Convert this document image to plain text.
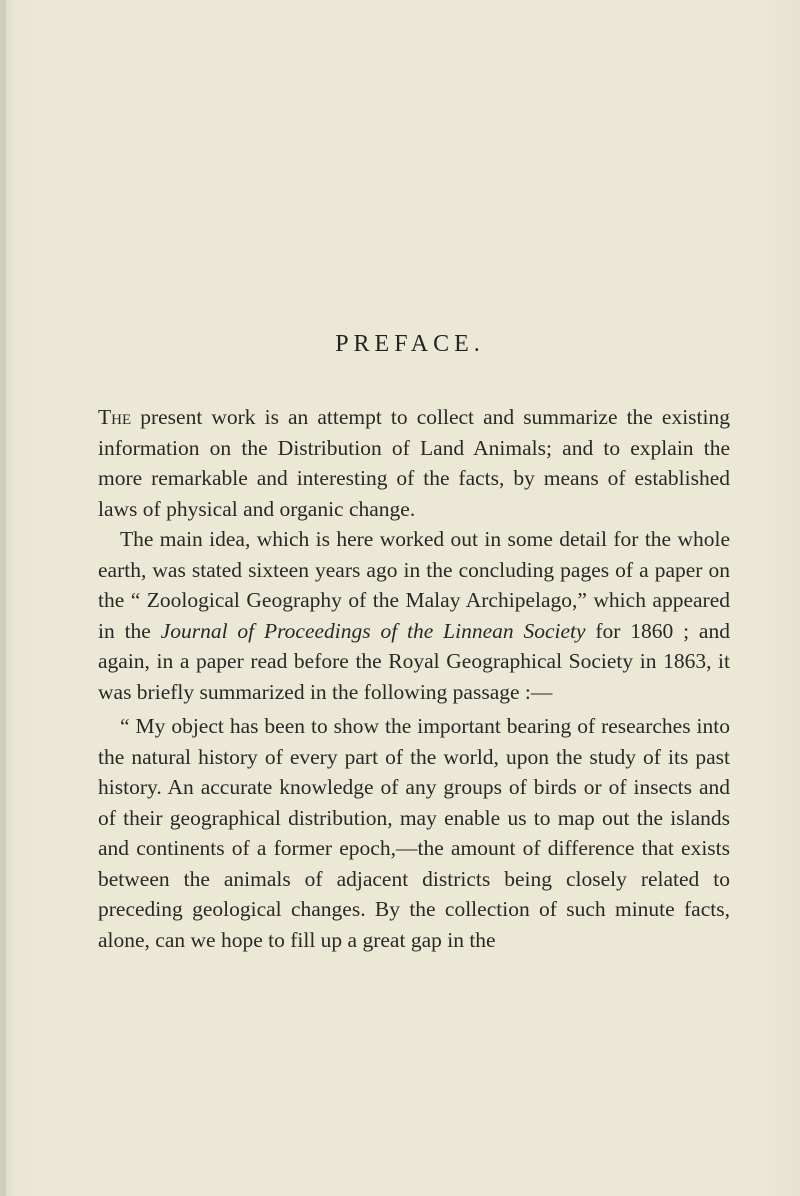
PREFACE.

The present work is an attempt to collect and summarize the existing information on the Distribution of Land Animals; and to explain the more remarkable and interesting of the facts, by means of established laws of physical and organic change.

The main idea, which is here worked out in some detail for the whole earth, was stated sixteen years ago in the concluding pages of a paper on the “ Zoological Geography of the Malay Archipelago,” which appeared in the Journal of Proceedings of the Linnean Society for 1860 ; and again, in a paper read before the Royal Geographical Society in 1863, it was briefly summarized in the following passage :—

“ My object has been to show the important bearing of researches into the natural history of every part of the world, upon the study of its past history. An accurate knowledge of any groups of birds or of insects and of their geographical distribution, may enable us to map out the islands and continents of a former epoch,—the amount of difference that exists between the animals of adjacent districts being closely related to preceding geological changes. By the collection of such minute facts, alone, can we hope to fill up a great gap in the
